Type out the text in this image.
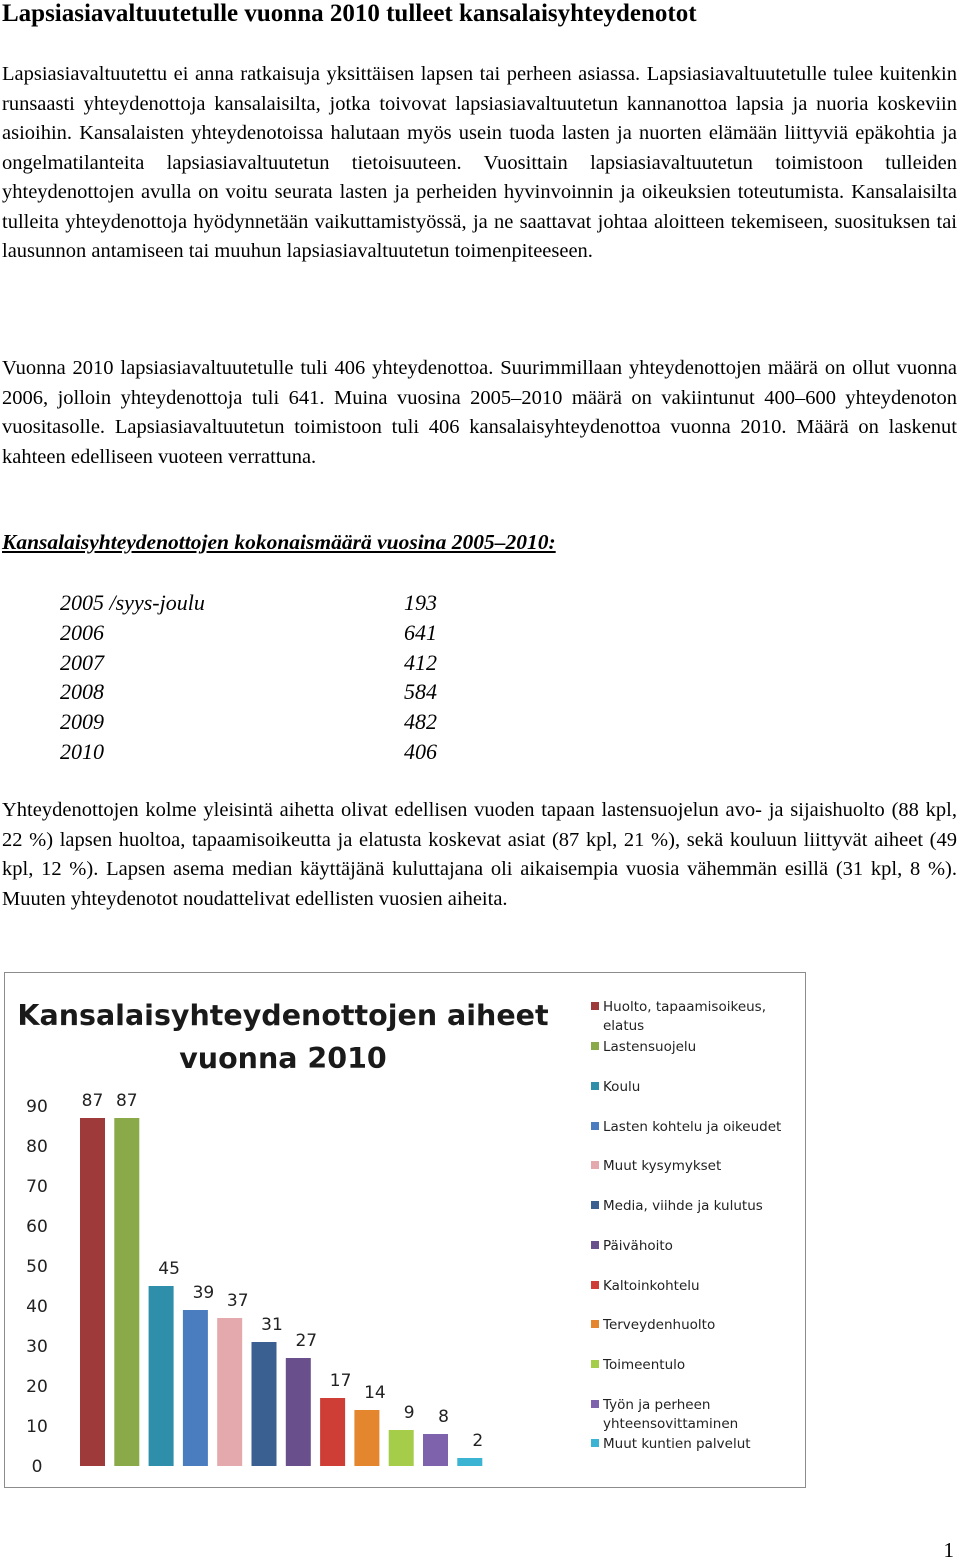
Lapsiasiavaltuutetulle vuonna 2010 tulleet kansalaisyhteydenotot
Lapsiasiavaltuutettu ei anna ratkaisuja yksittäisen lapsen tai perheen asiassa. Lapsiasiavaltuutetulle tulee kuitenkin runsaasti yhteydenottoja kansalaisilta, jotka toivovat lapsiasiavaltuutetun kannanottoa lapsia ja nuoria koskeviin asioihin. Kansalaisten yhteydenotoissa halutaan myös usein tuoda lasten ja nuorten elämään liittyviä epäkohtia ja ongelmatilanteita lapsiasiavaltuutetun tietoisuuteen. Vuosittain lapsiasiavaltuutetun toimistoon tulleiden yhteydenottojen avulla on voitu seurata lasten ja perheiden hyvinvoinnin ja oikeuksien toteutumista. Kansalaisilta tulleita yhteydenottoja hyödynnetään vaikuttamistyössä, ja ne saattavat johtaa aloitteen tekemiseen, suosituksen tai lausunnon antamiseen tai muuhun lapsiasiavaltuutetun toimenpiteeseen.
Vuonna 2010 lapsiasiavaltuutetulle tuli 406 yhteydenottoa. Suurimmillaan yhteydenottojen määrä on ollut vuonna 2006, jolloin yhteydenottoja tuli 641. Muina vuosina 2005–2010 määrä on vakiintunut 400–600 yhteydenoton vuositasolle. Lapsiasiavaltuutetun toimistoon tuli 406 kansalaisyhteydenottoa vuonna 2010. Määrä on laskenut kahteen edelliseen vuoteen verrattuna.
Kansalaisyhteydenottojen kokonaismäärä vuosina 2005–2010:
2005 /syys-joulu	193
2006	641
2007	412
2008	584
2009	482
2010	406
Yhteydenottojen kolme yleisintä aihetta olivat edellisen vuoden tapaan lastensuojelun avo- ja sijaishuolto (88 kpl, 22 %) lapsen huoltoa, tapaamisoikeutta ja elatusta koskevat asiat (87 kpl, 21 %), sekä kouluun liittyvät aiheet (49 kpl, 12 %). Lapsen asema median käyttäjänä kuluttajana oli aikaisempia vuosia vähemmän esillä (31 kpl, 8 %). Muuten yhteydenotot noudattelivat edellisten vuosien aiheita.
Kansalaisyhteydenottojen aiheet
vuonna 2010
0
10
20
30
40
50
60
70
80
90 87 87
45
39 37
31
27
17
14
9 8
2
Huolto, tapaamisoikeus, elatus
Lastensuojelu
Koulu
Lasten kohtelu ja oikeudet
Muut kysymykset
Media, viihde ja kulutus
Päivähoito
Kaltoinkohtelu
Terveydenhuolto
Toimeentulo
Työn ja perheen yhteensovittaminen
Muut kuntien palvelut
1
